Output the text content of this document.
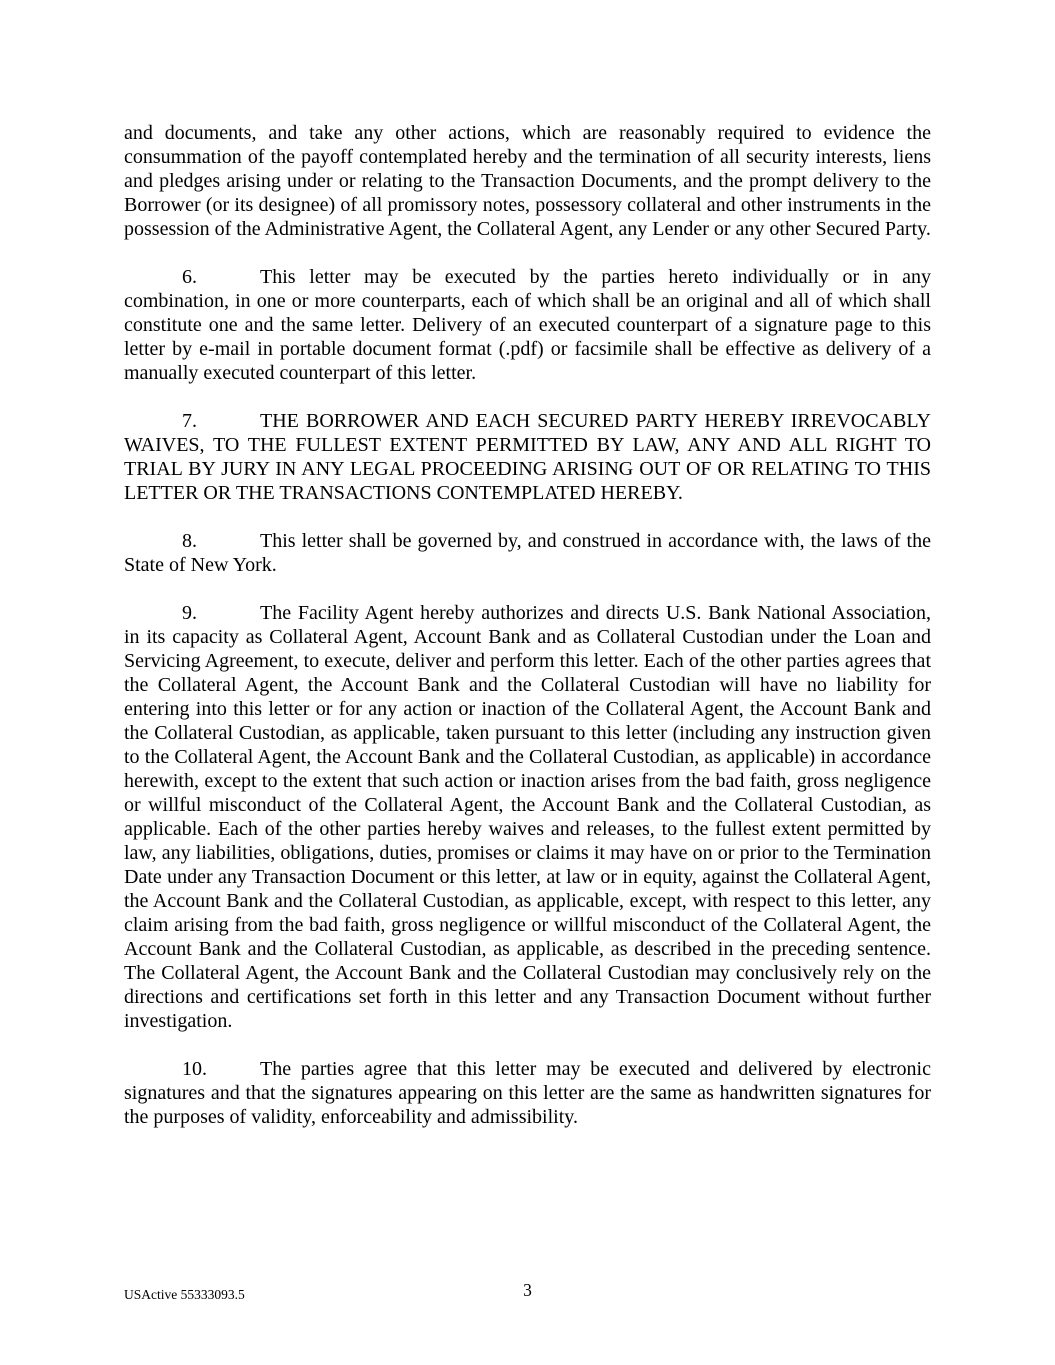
and documents, and take any other actions, which are reasonably required to evidence the consummation of the payoff contemplated hereby and the termination of all security interests, liens and pledges arising under or relating to the Transaction Documents, and the prompt delivery to the Borrower (or its designee) of all promissory notes, possessory collateral and other instruments in the possession of the Administrative Agent, the Collateral Agent, any Lender or any other Secured Party.

6.	This letter may be executed by the parties hereto individually or in any combination, in one or more counterparts, each of which shall be an original and all of which shall constitute one and the same letter. Delivery of an executed counterpart of a signature page to this letter by e-mail in portable document format (.pdf) or facsimile shall be effective as delivery of a manually executed counterpart of this letter.

7.	THE BORROWER AND EACH SECURED PARTY HEREBY IRREVOCABLY WAIVES, TO THE FULLEST EXTENT PERMITTED BY LAW, ANY AND ALL RIGHT TO TRIAL BY JURY IN ANY LEGAL PROCEEDING ARISING OUT OF OR RELATING TO THIS LETTER OR THE TRANSACTIONS CONTEMPLATED HEREBY.

8.	This letter shall be governed by, and construed in accordance with, the laws of the State of New York.

9.	The Facility Agent hereby authorizes and directs U.S. Bank National Association, in its capacity as Collateral Agent, Account Bank and as Collateral Custodian under the Loan and Servicing Agreement, to execute, deliver and perform this letter. Each of the other parties agrees that the Collateral Agent, the Account Bank and the Collateral Custodian will have no liability for entering into this letter or for any action or inaction of the Collateral Agent, the Account Bank and the Collateral Custodian, as applicable, taken pursuant to this letter (including any instruction given to the Collateral Agent, the Account Bank and the Collateral Custodian, as applicable) in accordance herewith, except to the extent that such action or inaction arises from the bad faith, gross negligence or willful misconduct of the Collateral Agent, the Account Bank and the Collateral Custodian, as applicable. Each of the other parties hereby waives and releases, to the fullest extent permitted by law, any liabilities, obligations, duties, promises or claims it may have on or prior to the Termination Date under any Transaction Document or this letter, at law or in equity, against the Collateral Agent, the Account Bank and the Collateral Custodian, as applicable, except, with respect to this letter, any claim arising from the bad faith, gross negligence or willful misconduct of the Collateral Agent, the Account Bank and the Collateral Custodian, as applicable, as described in the preceding sentence. The Collateral Agent, the Account Bank and the Collateral Custodian may conclusively rely on the directions and certifications set forth in this letter and any Transaction Document without further investigation.

10.	The parties agree that this letter may be executed and delivered by electronic signatures and that the signatures appearing on this letter are the same as handwritten signatures for the purposes of validity, enforceability and admissibility.

USActive 55333093.5	3
